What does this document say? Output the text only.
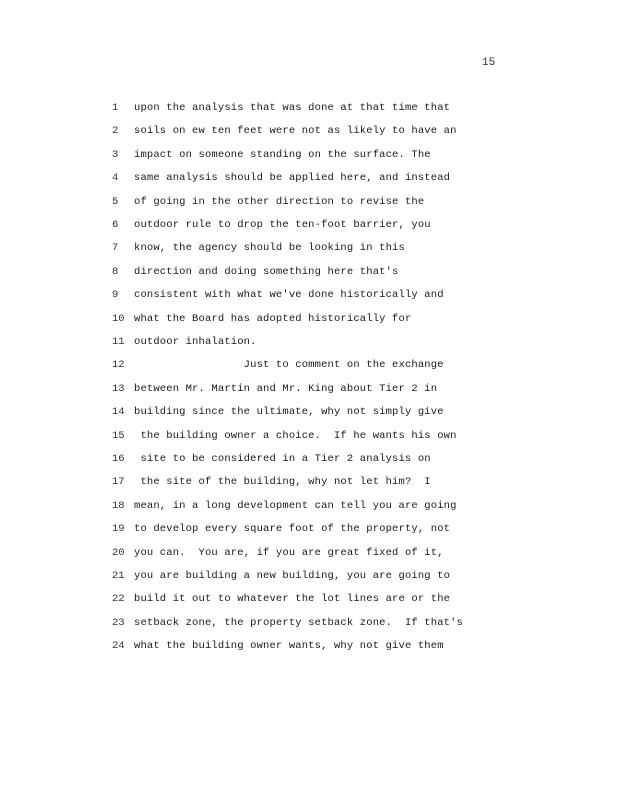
15
1	upon the analysis that was done at that time that
2	soils on ew ten feet were not as likely to have an
3	impact on someone standing on the surface. The
4	same analysis should be applied here, and instead
5	of going in the other direction to revise the
6	outdoor rule to drop the ten-foot barrier, you
7	know, the agency should be looking in this
8	direction and doing something here that's
9	consistent with what we've done historically and
10 what the Board has adopted historically for
11 outdoor inhalation.
12 Just to comment on the exchange
13 between Mr. Martin and Mr. King about Tier 2 in
14 building since the ultimate, why not simply give
15 the building owner a choice.  If he wants his own
16 site to be considered in a Tier 2 analysis on
17 the site of the building, why not let him?  I
18 mean, in a long development can tell you are going
19 to develop every square foot of the property, not
20 you can.  You are, if you are great fixed of it,
21 you are building a new building, you are going to
22 build it out to whatever the lot lines are or the
23 setback zone, the property setback zone.  If that's
24 what the building owner wants, why not give them
